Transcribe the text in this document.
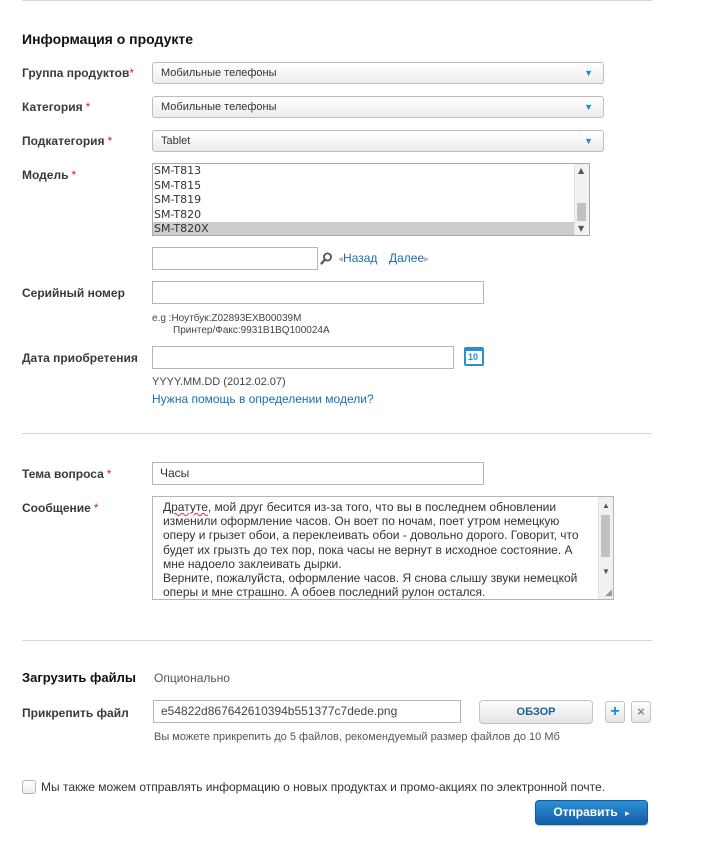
Информация о продукте
Группа продуктов*	Мобильные телефоны	▼
Категория *	Мобильные телефоны	▼
Подкатегория *	Tablet	▼
Модель *	SM-T813
SM-T815
SM-T819
SM-T820
SM-T820X
▲
▼
◂Назад Далее▸
Серийный номер
e.g :Ноутбук:Z02893EXB00039M
Принтер/Факс:9931B1BQ100024A
Дата приобретения	10
YYYY.MM.DD (2012.02.07)
Нужна помощь в определении модели?
Тема вопроса *	Часы
Сообщение *	Дратуте, мой друг бесится из-за того, что вы в последнем обновлении изменили оформление часов. Он воет по ночам, поет утром немецкую оперу и грызет обои, а переклеивать обои - довольно дорого. Говорит, что будет их грызть до тех пор, пока часы не вернут в исходное состояние. А мне надоело заклеивать дырки.
Верните, пожалуйста, оформление часов. Я снова слышу звуки немецкой оперы и мне страшно. А обоев последний рулон остался.
▲
▼
◢
Загрузить файлы Опционально
Прикрепить файл	e54822d867642610394b551377c7dede.png	ОБЗОР	+	×
Вы можете прикрепить до 5 файлов, рекомендуемый размер файлов до 10 Мб
Мы также можем отправлять информацию о новых продуктах и промо-акциях по электронной почте.
Отправить ▸
